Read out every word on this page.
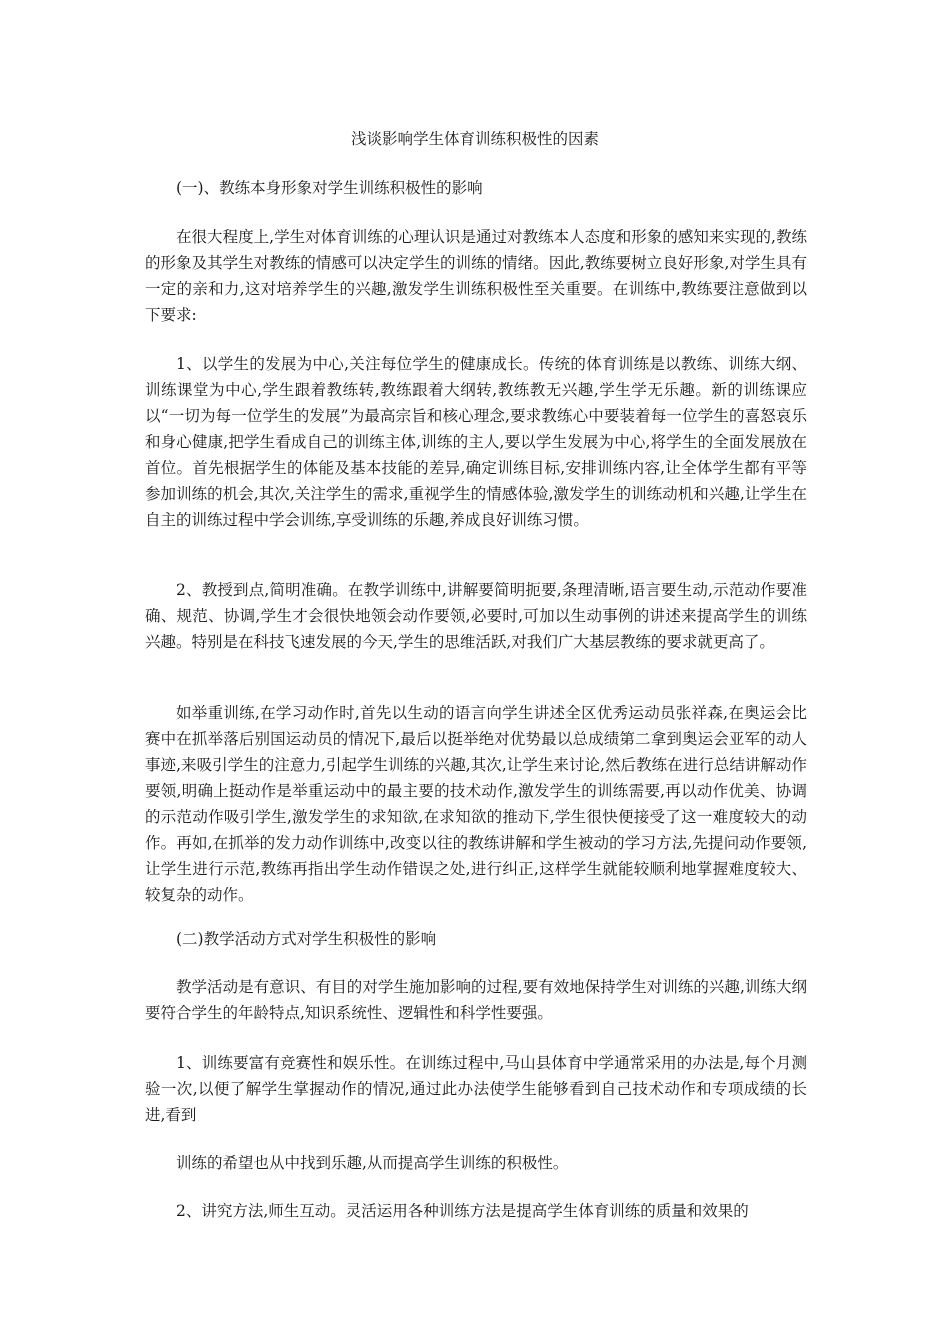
浅谈影响学生体育训练积极性的因素

(一)、教练本身形象对学生训练积极性的影响

在很大程度上,学生对体育训练的心理认识是通过对教练本人态度和形象的感知来实现的,教练的形象及其学生对教练的情感可以决定学生的训练的情绪。因此,教练要树立良好形象,对学生具有一定的亲和力,这对培养学生的兴趣,激发学生训练积极性至关重要。在训练中,教练要注意做到以下要求:

1、以学生的发展为中心,关注每位学生的健康成长。传统的体育训练是以教练、训练大纲、训练课堂为中心,学生跟着教练转,教练跟着大纲转,教练教无兴趣,学生学无乐趣。新的训练课应以“一切为每一位学生的发展”为最高宗旨和核心理念,要求教练心中要装着每一位学生的喜怒哀乐和身心健康,把学生看成自己的训练主体,训练的主人,要以学生发展为中心,将学生的全面发展放在首位。首先根据学生的体能及基本技能的差异,确定训练目标,安排训练内容,让全体学生都有平等参加训练的机会,其次,关注学生的需求,重视学生的情感体验,激发学生的训练动机和兴趣,让学生在自主的训练过程中学会训练,享受训练的乐趣,养成良好训练习惯。

2、教授到点,简明准确。在教学训练中,讲解要简明扼要,条理清晰,语言要生动,示范动作要准确、规范、协调,学生才会很快地领会动作要领,必要时,可加以生动事例的讲述来提高学生的训练兴趣。特别是在科技飞速发展的今天,学生的思维活跃,对我们广大基层教练的要求就更高了。

如举重训练,在学习动作时,首先以生动的语言向学生讲述全区优秀运动员张祥森,在奥运会比赛中在抓举落后别国运动员的情况下,最后以挺举绝对优势最以总成绩第二拿到奥运会亚军的动人事迹,来吸引学生的注意力,引起学生训练的兴趣,其次,让学生来讨论,然后教练在进行总结讲解动作要领,明确上挺动作是举重运动中的最主要的技术动作,激发学生的训练需要,再以动作优美、协调的示范动作吸引学生,激发学生的求知欲,在求知欲的推动下,学生很快便接受了这一难度较大的动作。再如,在抓举的发力动作训练中,改变以往的教练讲解和学生被动的学习方法,先提问动作要领,让学生进行示范,教练再指出学生动作错误之处,进行纠正,这样学生就能较顺利地掌握难度较大、较复杂的动作。

(二)教学活动方式对学生积极性的影响

教学活动是有意识、有目的对学生施加影响的过程,要有效地保持学生对训练的兴趣,训练大纲要符合学生的年龄特点,知识系统性、逻辑性和科学性要强。

1、训练要富有竞赛性和娱乐性。在训练过程中,马山县体育中学通常采用的办法是,每个月测验一次,以便了解学生掌握动作的情况,通过此办法使学生能够看到自己技术动作和专项成绩的长进,看到

训练的希望也从中找到乐趣,从而提高学生训练的积极性。

2、讲究方法,师生互动。灵活运用各种训练方法是提高学生体育训练的质量和效果的
